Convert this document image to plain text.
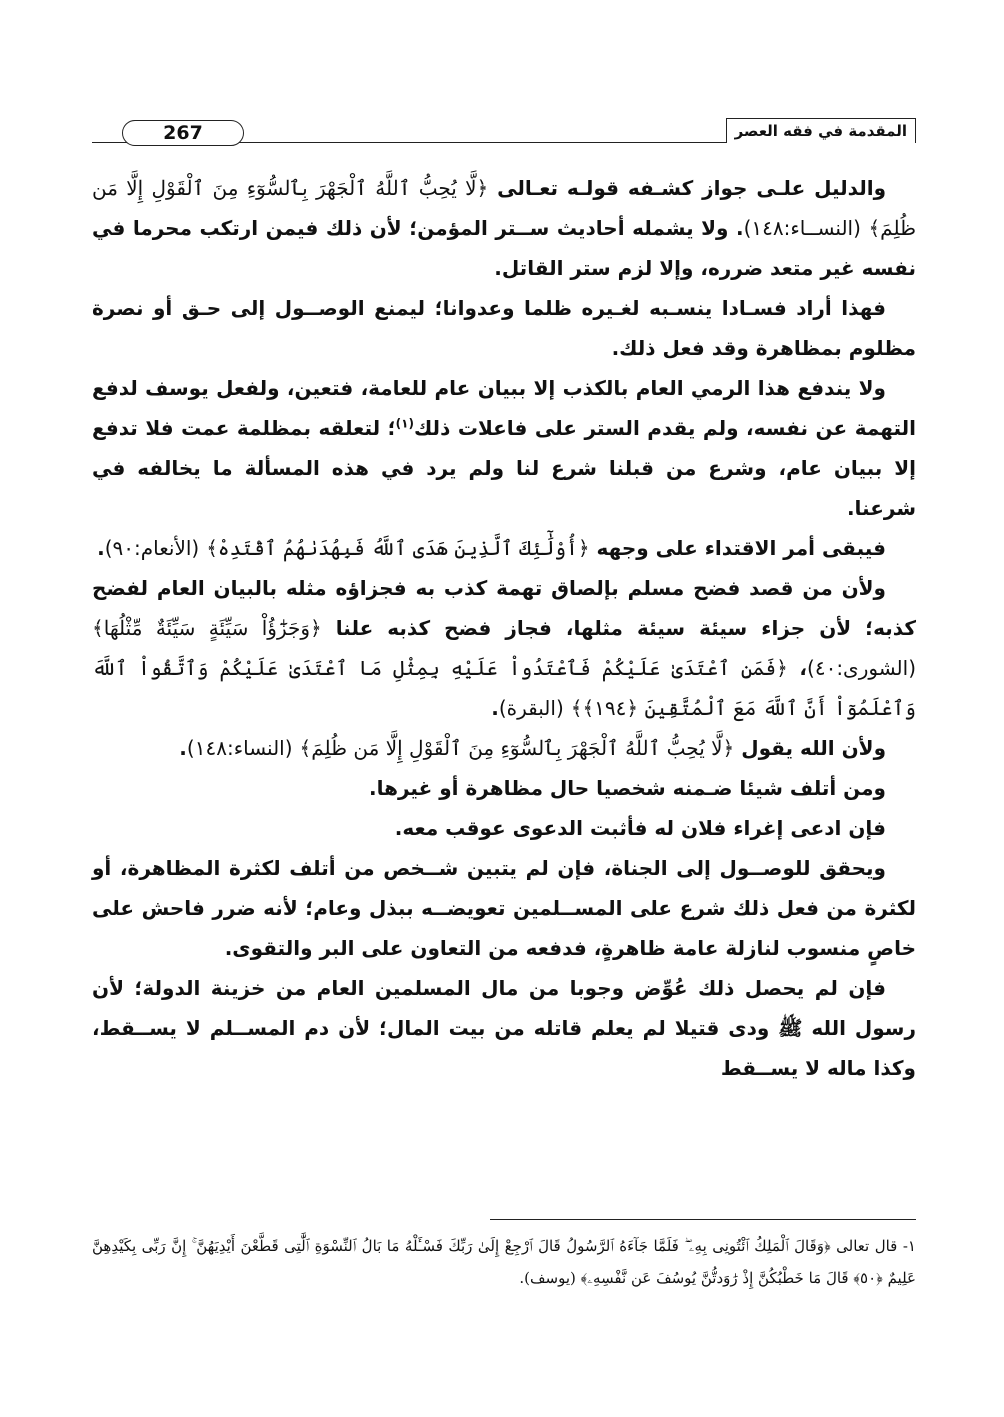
267	المقدمة في فقه العصر

والدليل علـى جواز كشـفه قولـه تعـالى ﴿لَّا يُحِبُّ ٱللَّهُ ٱلْجَهْرَ بِٱلسُّوٓءِ مِنَ ٱلْقَوْلِ إِلَّا مَن ظُلِمَ﴾ (النســاء:١٤٨). ولا يشمله أحاديث ســتر المؤمن؛ لأن ذلك فيمن ارتكب محرما في نفسه غير متعد ضرره، وإلا لزم ستر القاتل.

فهذا أراد فسـادا ينسـبه لغـيره ظلما وعدوانا؛ ليمنع الوصــول إلى حـق أو نصرة مظلوم بمظاهرة وقد فعل ذلك.

ولا يندفع هذا الرمي العام بالكذب إلا ببيان عام للعامة، فتعين، ولفعل يوسف لدفع التهمة عن نفسه، ولم يقدم الستر على فاعلات ذلك$^{(١)}$؛ لتعلقه بمظلمة عمت فلا تدفع إلا ببيان عام، وشرع من قبلنا شرع لنا ولم يرد في هذه المسألة ما يخالفه في شرعنا.

فيبقى أمر الاقتداء على وجهه ﴿أُوْلَٰٓئِكَ ٱلَّذِينَ هَدَى ٱللَّهُ فَبِهُدَىٰهُمُ ٱقْتَدِهْ﴾ (الأنعام:٩٠).

ولأن من قصد فضح مسلم بإلصاق تهمة كذب به فجزاؤه مثله بالبيان العام لفضح كذبه؛ لأن جزاء سيئة سيئة مثلها، فجاز فضح كذبه علنا ﴿وَجَزَٰٓؤُاْ سَيِّئَةٍ سَيِّئَةٌ مِّثْلُهَا﴾ (الشورى:٤٠)، ﴿فَمَنِ ٱعْتَدَىٰ عَلَيْكُمْ فَٱعْتَدُواْ عَلَيْهِ بِمِثْلِ مَا ٱعْتَدَىٰ عَلَيْكُمْ وَٱتَّقُواْ ٱللَّهَ وَٱعْلَمُوٓاْ أَنَّ ٱللَّهَ مَعَ ٱلْمُتَّقِينَ ﴿١٩٤﴾﴾ (البقرة).

ولأن الله يقول ﴿لَّا يُحِبُّ ٱللَّهُ ٱلْجَهْرَ بِٱلسُّوٓءِ مِنَ ٱلْقَوْلِ إِلَّا مَن ظُلِمَ﴾ (النساء:١٤٨).

ومن أتلف شيئا ضـمنه شخصيا حال مظاهرة أو غيرها.

فإن ادعى إغراء فلان له فأثبت الدعوى عوقب معه.

ويحقق للوصــول إلى الجناة، فإن لم يتبين شــخص من أتلف لكثرة المظاهرة، أو لكثرة من فعل ذلك شرع على المســلمين تعويضــه ببذل وعام؛ لأنه ضرر فاحش على خاصٍ منسوب لنازلة عامة ظاهرةٍ، فدفعه من التعاون على البر والتقوى.

فإن لم يحصل ذلك عُوِّض وجوبا من مال المسلمين العام من خزينة الدولة؛ لأن رسول الله ‌ﷺ ودى قتيلا لم يعلم قاتله من بيت المال؛ لأن دم المســلم لا يســقط، وكذا ماله لا يســقط

١- قال تعالى ﴿وَقَالَ ٱلْمَلِكُ ٱئْتُونِى بِهِۦ ۖ فَلَمَّا جَآءَهُ ٱلرَّسُولُ قَالَ ٱرْجِعْ إِلَىٰ رَبِّكَ فَسْـَٔلْهُ مَا بَالُ ٱلنِّسْوَةِ ٱلَّٰتِى قَطَّعْنَ أَيْدِيَهُنَّ ۚ إِنَّ رَبِّى بِكَيْدِهِنَّ عَلِيمٌ ﴿٥٠﴾ قَالَ مَا خَطْبُكُنَّ إِذْ رَٰوَدتُّنَّ يُوسُفَ عَن نَّفْسِهِۦ﴾ (يوسف).
